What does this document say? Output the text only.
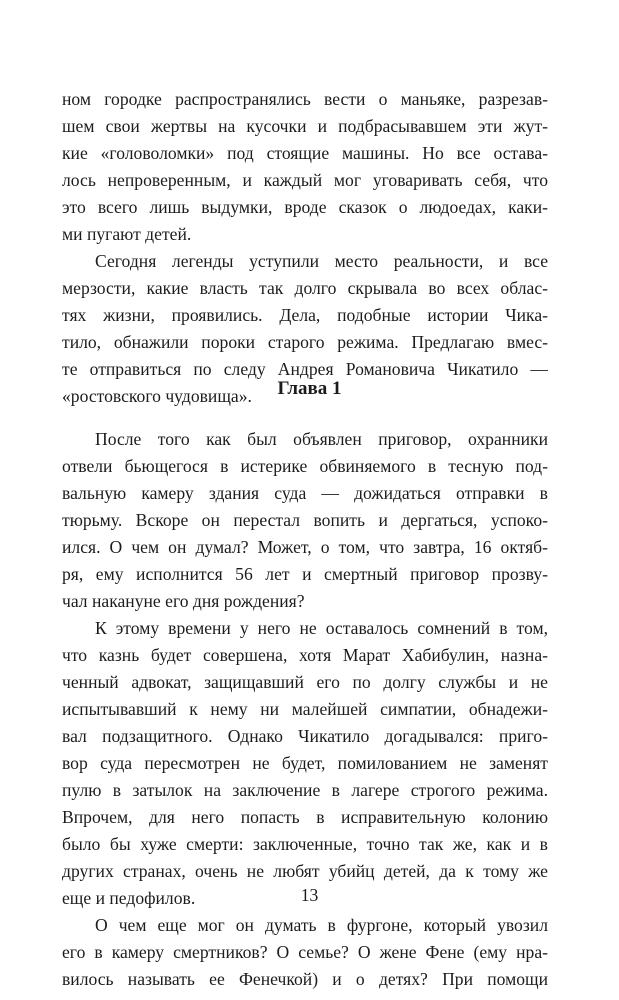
ном городке распространялись вести о маньяке, разрезав-
шем свои жертвы на кусочки и подбрасывавшем эти жут-
кие «головоломки» под стоящие машины. Но все остава-
лось непроверенным, и каждый мог уговаривать себя, что
это всего лишь выдумки, вроде сказок о людоедах, каки-
ми пугают детей.
Сегодня легенды уступили место реальности, и все
мерзости, какие власть так долго скрывала во всех облас-
тях жизни, проявились. Дела, подобные истории Чика-
тило, обнажили пороки старого режима. Предлагаю вмес-
те отправиться по следу Андрея Романовича Чикатило —
«ростовского чудовища».	Глава 1
После того как был объявлен приговор, охранники
отвели бьющегося в истерике обвиняемого в тесную под-
вальную камеру здания суда — дожидаться отправки в
тюрьму. Вскоре он перестал вопить и дергаться, успоко-
ился. О чем он думал? Может, о том, что завтра, 16 октяб-
ря, ему исполнится 56 лет и смертный приговор прозву-
чал накануне его дня рождения?
К этому времени у него не оставалось сомнений в том,
что казнь будет совершена, хотя Марат Хабибулин, назна-
ченный адвокат, защищавший его по долгу службы и не
испытывавший к нему ни малейшей симпатии, обнадежи-
вал подзащитного. Однако Чикатило догадывался: приго-
вор суда пересмотрен не будет, помилованием не заменят
пулю в затылок на заключение в лагере строгого режима.
Впрочем, для него попасть в исправительную колонию
было бы хуже смерти: заключенные, точно так же, как и в
других странах, очень не любят убийц детей, да к тому же
еще и педофилов.
О чем еще мог он думать в фургоне, который увозил
его в камеру смертников? О семье? О жене Фене (ему нра-
вилось называть ее Фенечкой) и о детях? При помощи
13
